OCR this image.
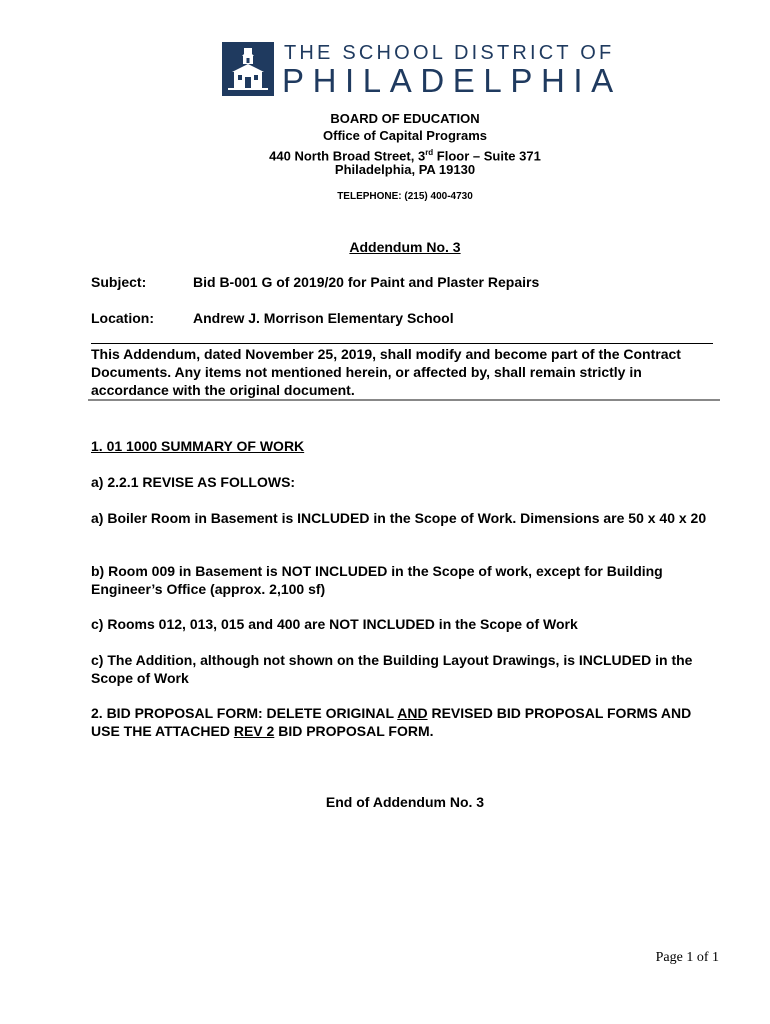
THE SCHOOL DISTRICT OF
PHILADELPHIA
BOARD OF EDUCATION
Office of Capital Programs
440 North Broad Street, 3rd Floor – Suite 371
Philadelphia, PA 19130
TELEPHONE: (215) 400-4730
Addendum No. 3
Subject:	Bid B-001 G of 2019/20 for Paint and Plaster Repairs
Location:	Andrew J. Morrison Elementary School
This Addendum, dated November 25, 2019, shall modify and become part of the Contract Documents. Any items not mentioned herein, or affected by, shall remain strictly in accordance with the original document.
1. 01 1000 SUMMARY OF WORK
a) 2.2.1 REVISE AS FOLLOWS:
a) Boiler Room in Basement is INCLUDED in the Scope of Work. Dimensions are 50 x 40 x 20
b) Room 009 in Basement is NOT INCLUDED in the Scope of work, except for Building Engineer’s Office (approx. 2,100 sf)
c) Rooms 012, 013, 015 and 400 are NOT INCLUDED in the Scope of Work
c) The Addition, although not shown on the Building Layout Drawings, is INCLUDED in the Scope of Work
2. BID PROPOSAL FORM: DELETE ORIGINAL AND REVISED BID PROPOSAL FORMS AND USE THE ATTACHED REV 2 BID PROPOSAL FORM.
End of Addendum No. 3
Page 1 of 1
